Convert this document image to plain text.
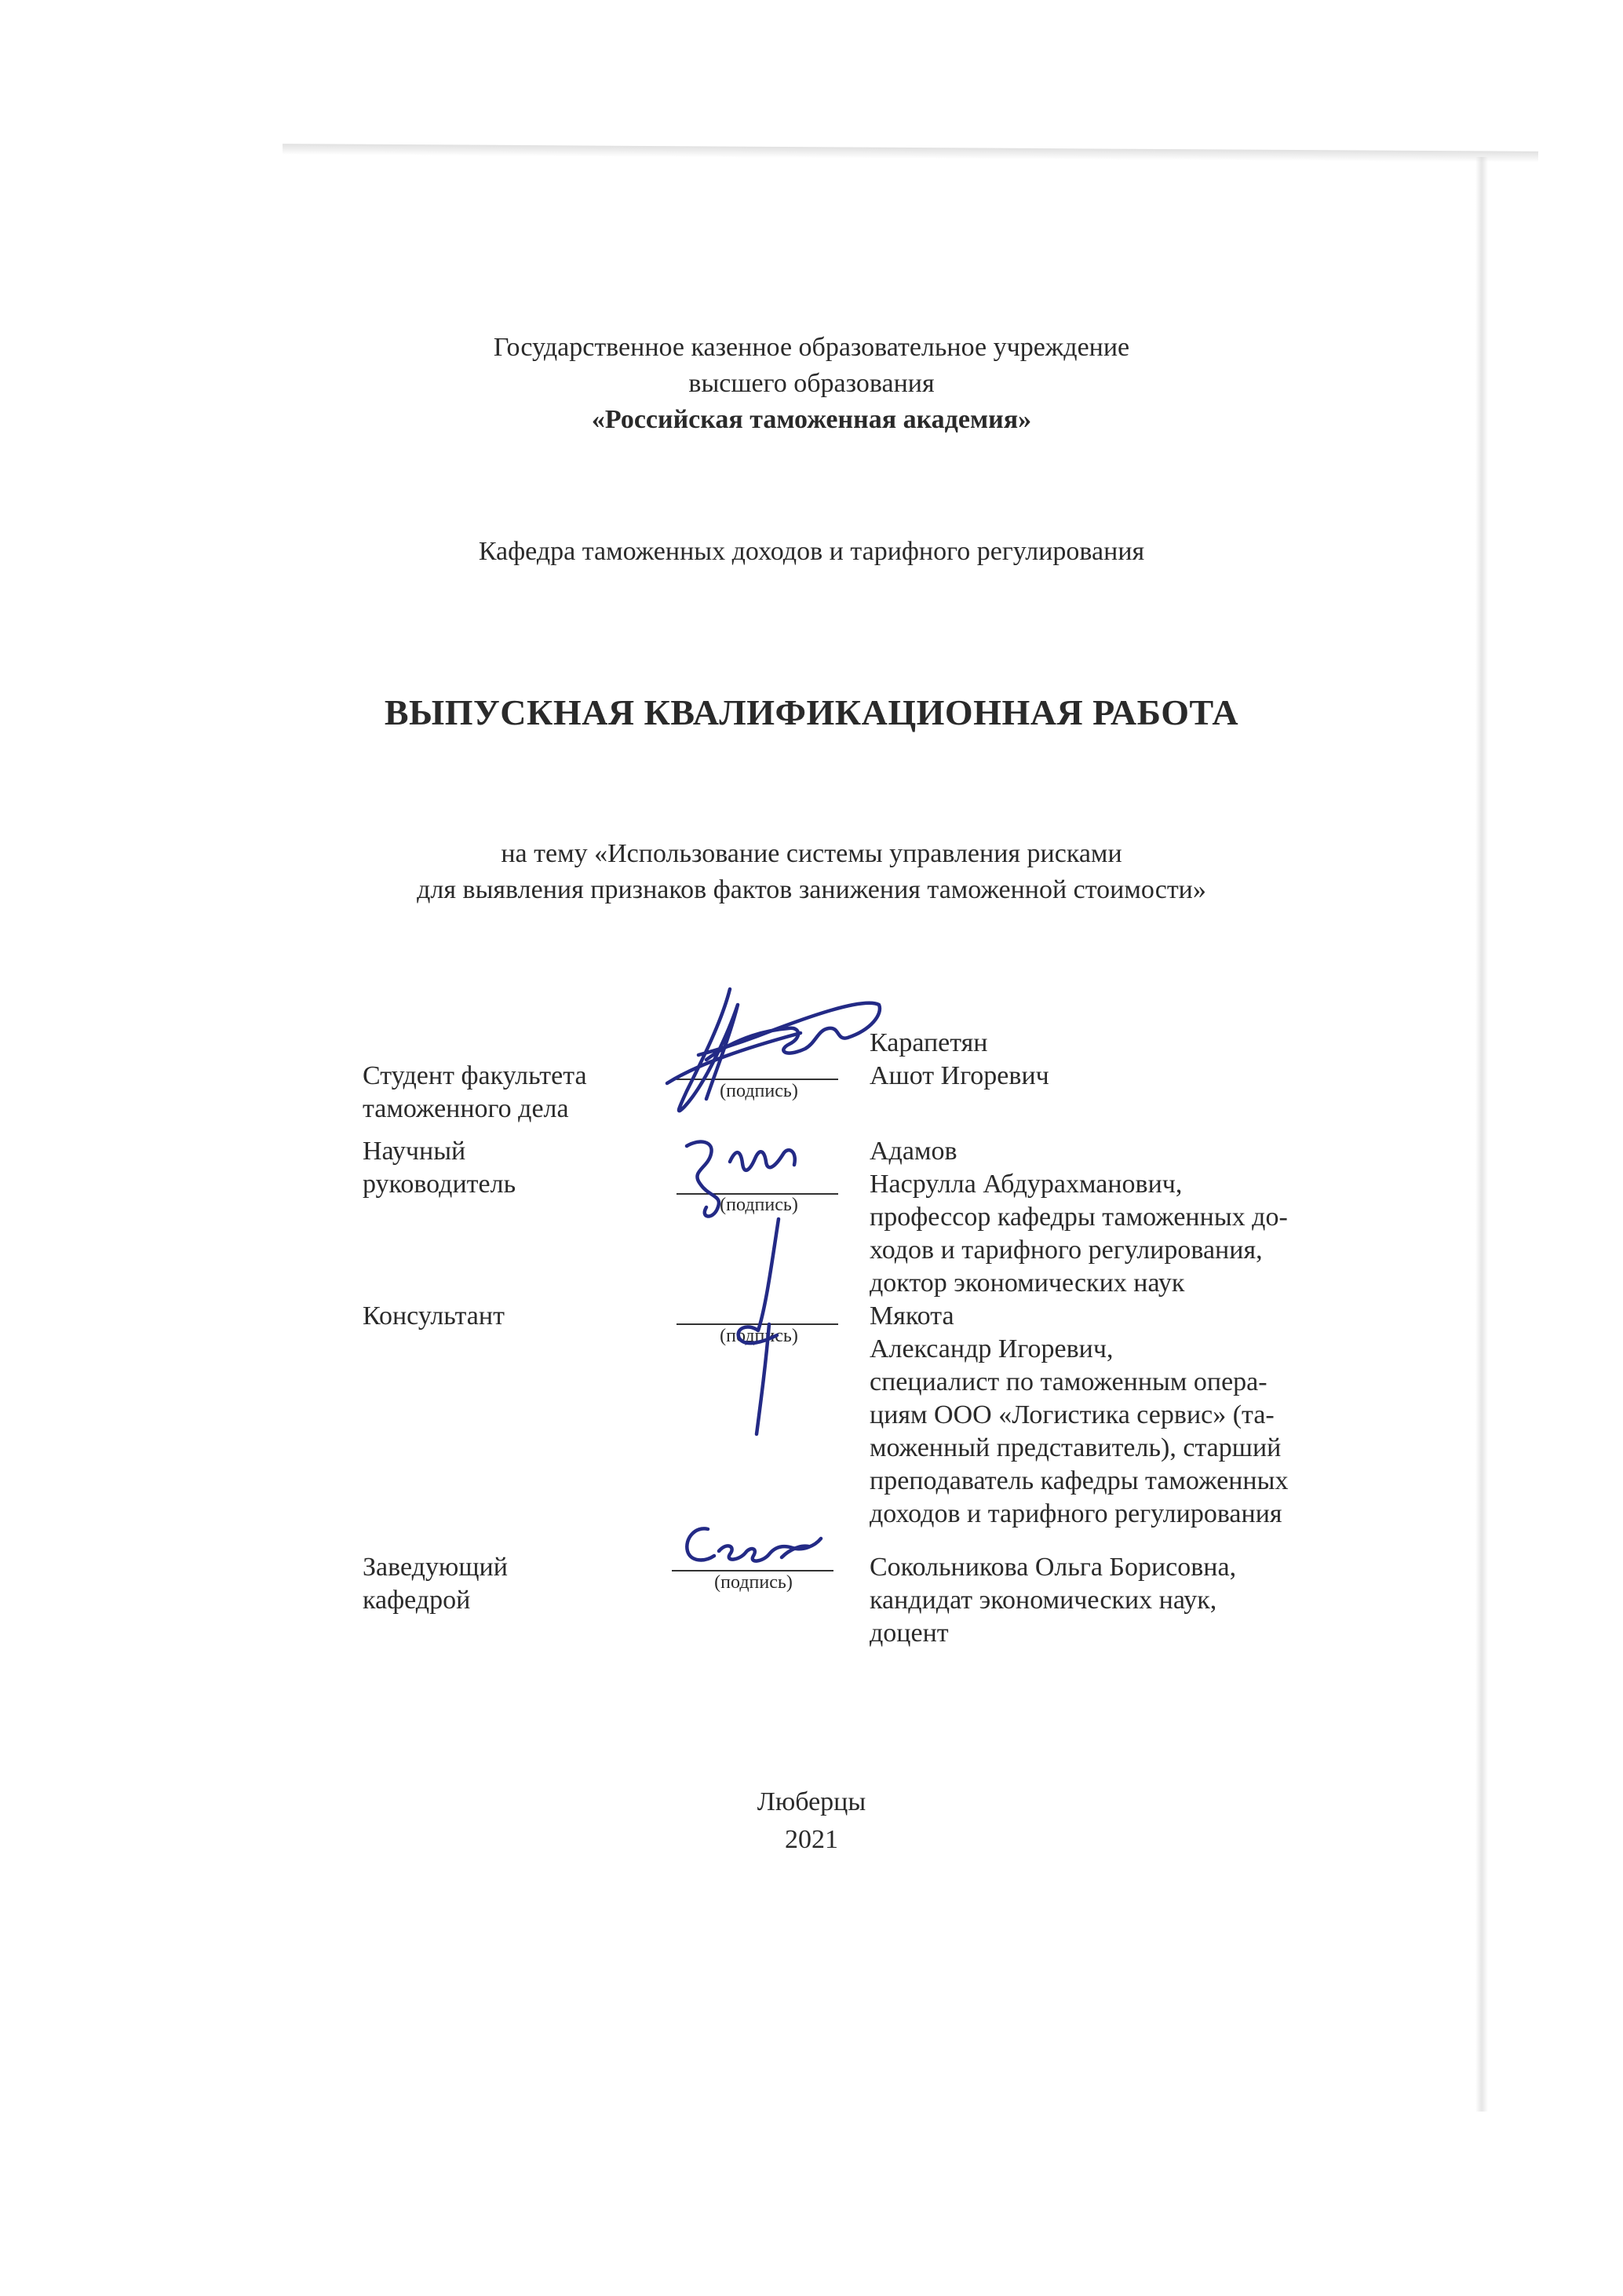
Государственное казенное образовательное учреждение
высшего образования
«Российская таможенная академия»
Кафедра таможенных доходов и тарифного регулирования
ВЫПУСКНАЯ КВАЛИФИКАЦИОННАЯ РАБОТА
на тему «Использование системы управления рисками
для выявления признаков фактов занижения таможенной стоимости»
Студент факультета
таможенного дела
(подпись)
Карапетян
Ашот Игоревич
Научный
руководитель
(подпись)
Адамов
Насрулла Абдурахманович,
профессор кафедры таможенных до-
ходов и тарифного регулирования,
доктор экономических наук
Консультант
(подпись)
Мякота
Александр Игоревич,
специалист по таможенным опера-
циям ООО «Логистика сервис» (та-
моженный представитель), старший
преподаватель кафедры таможенных
доходов и тарифного регулирования
Заведующий
кафедрой
(подпись)
Сокольникова Ольга Борисовна,
кандидат экономических наук,
доцент
Люберцы
2021
